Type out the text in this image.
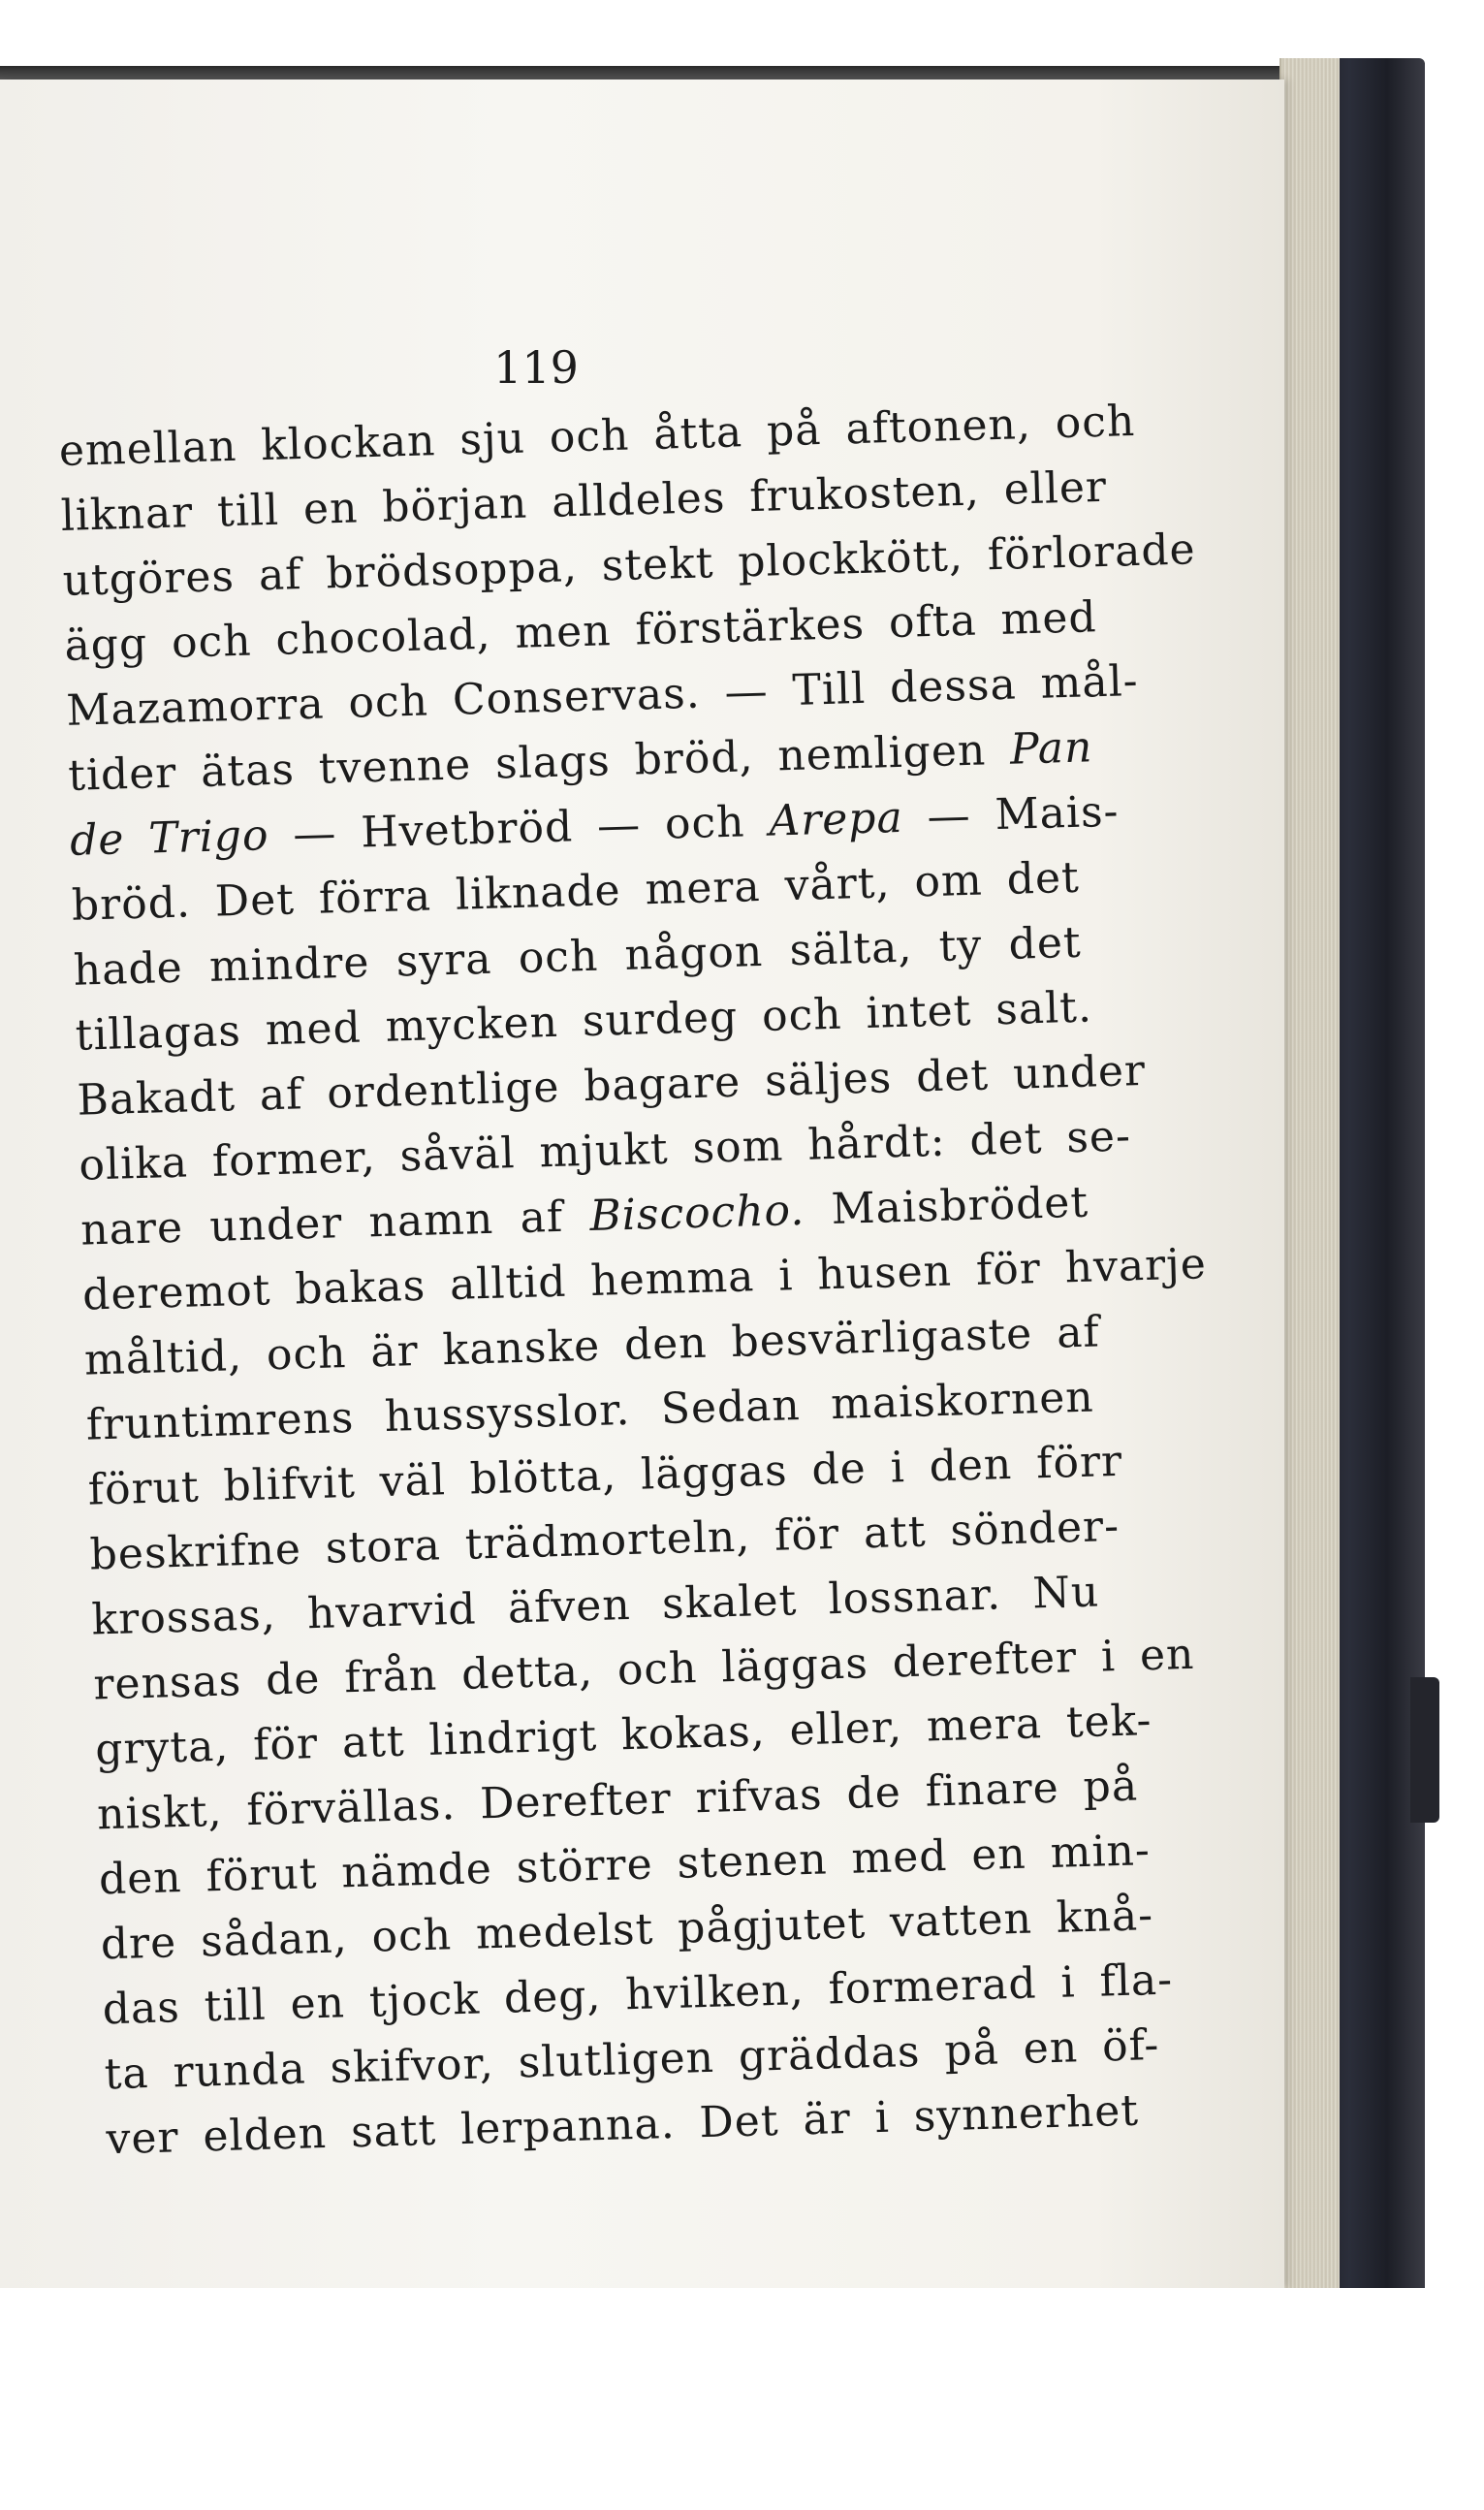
119
emellan klockan sju och åtta på aftonen, och
liknar till en början alldeles frukosten, eller
utgöres af brödsoppa, stekt plockkött, förlorade
ägg och chocolad, men förstärkes ofta med
Mazamorra och Conservas. — Till dessa mål-
tider ätas tvenne slags bröd, nemligen Pan
de Trigo — Hvetbröd — och Arepa — Mais-
bröd. Det förra liknade mera vårt, om det
hade mindre syra och någon sälta, ty det
tillagas med mycken surdeg och intet salt.
Bakadt af ordentlige bagare säljes det under
olika former, såväl mjukt som hårdt: det se-
nare under namn af Biscocho. Maisbrödet
deremot bakas alltid hemma i husen för hvarje
måltid, och är kanske den besvärligaste af
fruntimrens hussysslor. Sedan maiskornen
förut blifvit väl blötta, läggas de i den förr
beskrifne stora trädmorteln, för att sönder-
krossas, hvarvid äfven skalet lossnar. Nu
rensas de från detta, och läggas derefter i en
gryta, för att lindrigt kokas, eller, mera tek-
niskt, förvällas. Derefter rifvas de finare på
den förut nämde större stenen med en min-
dre sådan, och medelst pågjutet vatten knå-
das till en tjock deg, hvilken, formerad i fla-
ta runda skifvor, slutligen gräddas på en öf-
ver elden satt lerpanna. Det är i synnerhet
